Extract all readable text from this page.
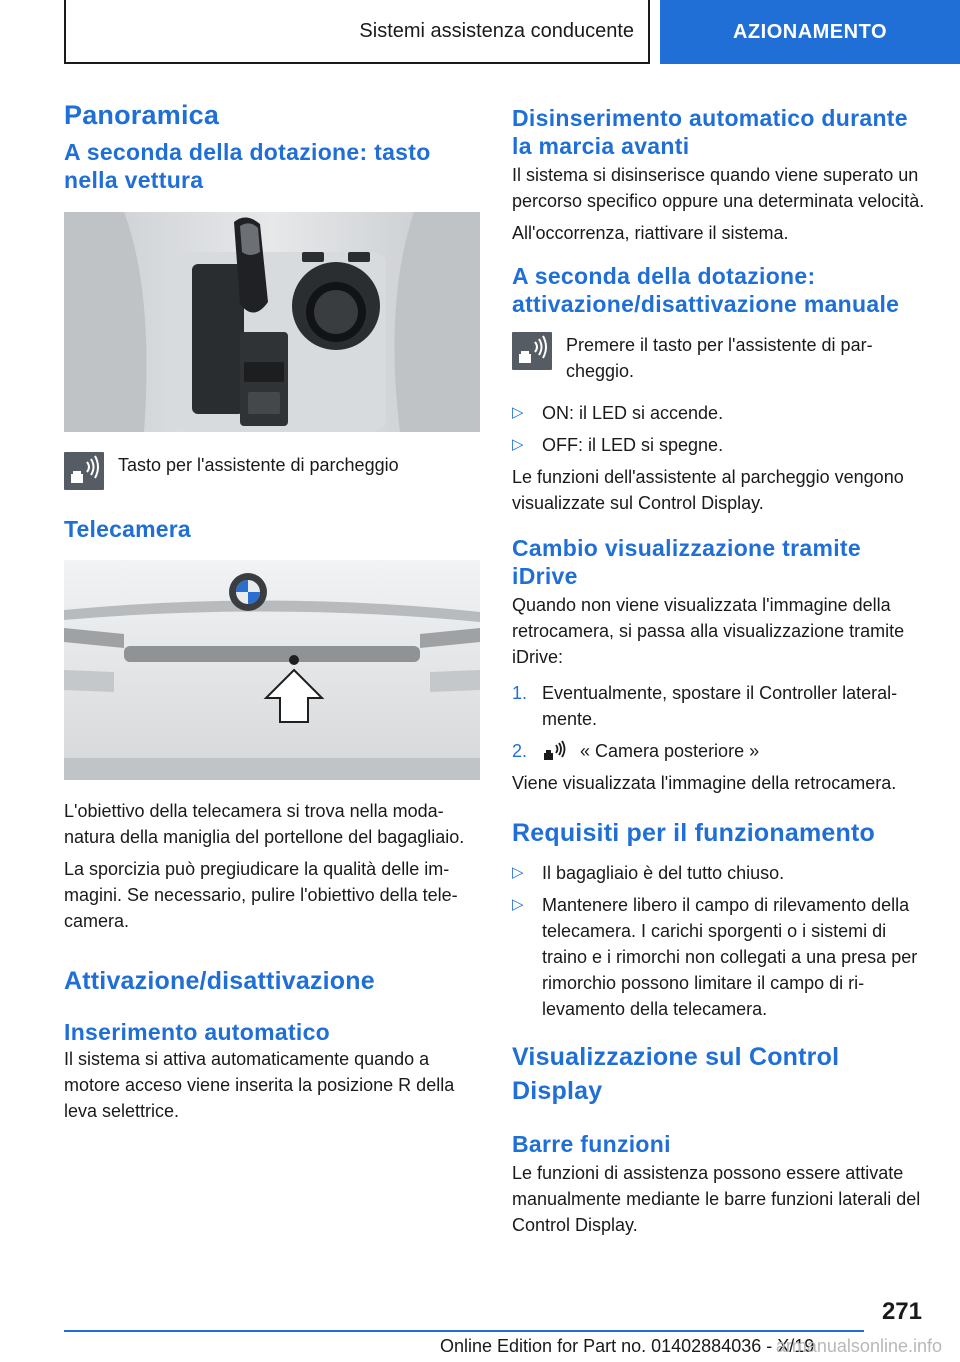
Sistemi assistenza conducente	AZIONAMENTO
Panoramica
A seconda della dotazione: tasto nella vettura

Tasto per l'assistente di parcheggio

Telecamera

L'obiettivo della telecamera si trova nella modanatura della maniglia del portellone del bagagliaio.

La sporcizia può pregiudicare la qualità delle immagini. Se necessario, pulire l'obiettivo della telecamera.

Attivazione/disattivazione
Inserimento automatico

Il sistema si attiva automaticamente quando a motore acceso viene inserita la posizione R della leva selettrice.

Disinserimento automatico durante la marcia avanti

Il sistema si disinserisce quando viene superato un percorso specifico oppure una determinata velocità.

All'occorrenza, riattivare il sistema.

A seconda della dotazione: attivazione/disattivazione manuale

Premere il tasto per l'assistente di parcheggio.

▷	ON: il LED si accende.
▷	OFF: il LED si spegne.

Le funzioni dell'assistente al parcheggio vengono visualizzate sul Control Display.

Cambio visualizzazione tramite iDrive

Quando non viene visualizzata l'immagine della retrocamera, si passa alla visualizzazione tramite iDrive:

1. Eventualmente, spostare il Controller lateralmente.
2.	« Camera posteriore »

Viene visualizzata l'immagine della retrocamera.

Requisiti per il funzionamento
▷	Il bagagliaio è del tutto chiuso.
▷	Mantenere libero il campo di rilevamento della telecamera. I carichi sporgenti o i sistemi di traino e i rimorchi non collegati a una presa per rimorchio possono limitare il campo di rilevamento della telecamera.
Visualizzazione sul Control Display
Barre funzioni

Le funzioni di assistenza possono essere attivate manualmente mediante le barre funzioni laterali del Control Display.

271
Online Edition for Part no. 01402884036 - X/19
armanualsonline.info
